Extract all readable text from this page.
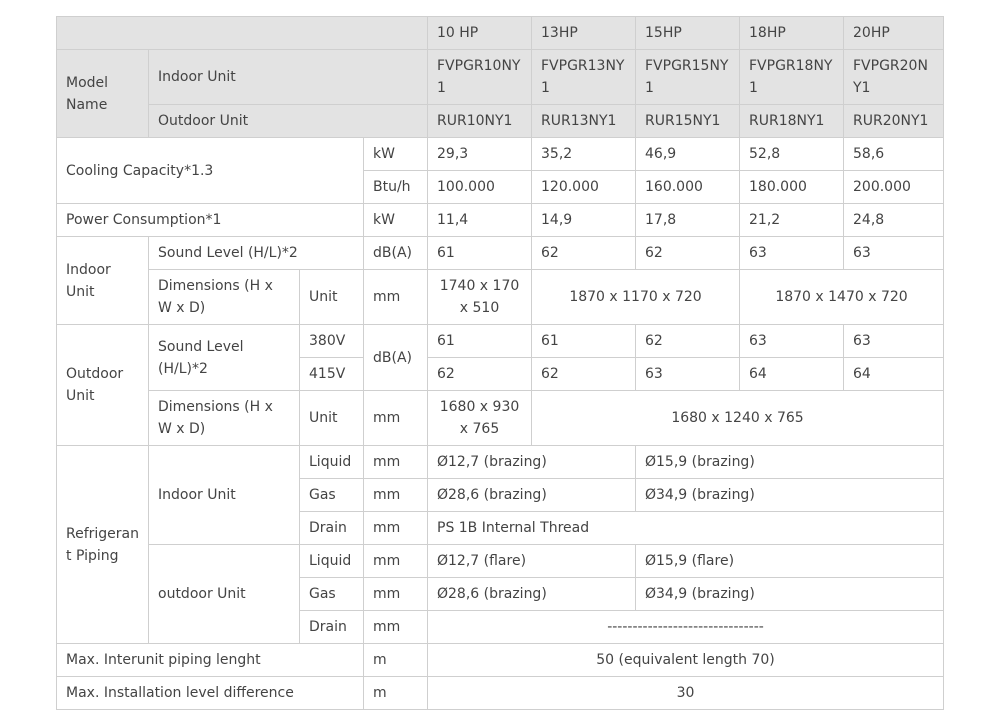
				10 HP	13HP	15HP	18HP	20HP
Model Name	Indoor Unit			FVPGR10NY1	FVPGR13NY1	FVPGR15NY1	FVPGR18NY1	FVPGR20NY1
	Outdoor Unit			RUR10NY1	RUR13NY1	RUR15NY1	RUR18NY1	RUR20NY1
Cooling Capacity*1.3			kW	29,3	35,2	46,9	52,8	58,6
			Btu/h	100.000	120.000	160.000	180.000	200.000
Power Consumption*1			kW	11,4	14,9	17,8	21,2	24,8
Indoor Unit	Sound Level (H/L)*2		dB(A)	61	62	62	63	63
	Dimensions (H x W x D)	Unit	mm	1740 x 170 x 510	1870 x 1170 x 720		1870 x 1470 x 720	
Outdoor Unit	Sound Level (H/L)*2	380V	dB(A)	61	61	62	63	63
		415V		62	62	63	64	64
	Dimensions (H x W x D)	Unit	mm	1680 x 930 x 765	1680 x 1240 x 765			
Refrigerant Piping	Indoor Unit	Liquid	mm	Ø12,7 (brazing)		Ø15,9 (brazing)		
		Gas	mm	Ø28,6 (brazing)		Ø34,9 (brazing)		
		Drain	mm	PS 1B Internal Thread				
	outdoor Unit	Liquid	mm	Ø12,7 (flare)		Ø15,9 (flare)		
		Gas	mm	Ø28,6 (brazing)		Ø34,9 (brazing)		
		Drain	mm	-------------------------------				
Max. Interunit piping lenght			m	50 (equivalent length 70)				
Max. Installation level difference			m	30				
